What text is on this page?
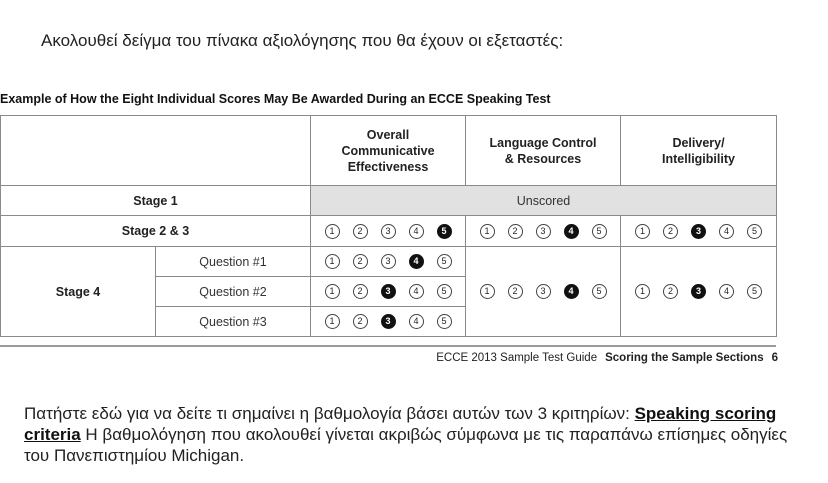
Ακολουθεί δείγμα του πίνακα αξιολόγησης που θα έχουν οι εξεταστές:
Example of How the Eight Individual Scores May Be Awarded During an ECCE Speaking Test
		Overall
Communicative
Effectiveness	Language Control
& Resources	Delivery/
Intelligibility
Stage 1		Unscored		
Stage 2 & 3		1 2 3 4 5	1 2 3 4 5	1 2 3 4 5

Stage 4	Question #1	1 2 3 4 5	1 2 3 4 5	1 2 3 4 5

	Question #2	1 2 3 4 5		

	Question #3	1 2 3 4 5		
ECCE 2013 Sample Test Guide Scoring the Sample Sections 6
Πατήστε εδώ για να δείτε τι σημαίνει η βαθμολογία βάσει αυτών των 3 κριτηρίων: Speaking scoring criteria Η βαθμολόγηση που ακολουθεί γίνεται ακριβώς σύμφωνα με τις παραπάνω επίσημες οδηγίες του Πανεπιστημίου Michigan.
